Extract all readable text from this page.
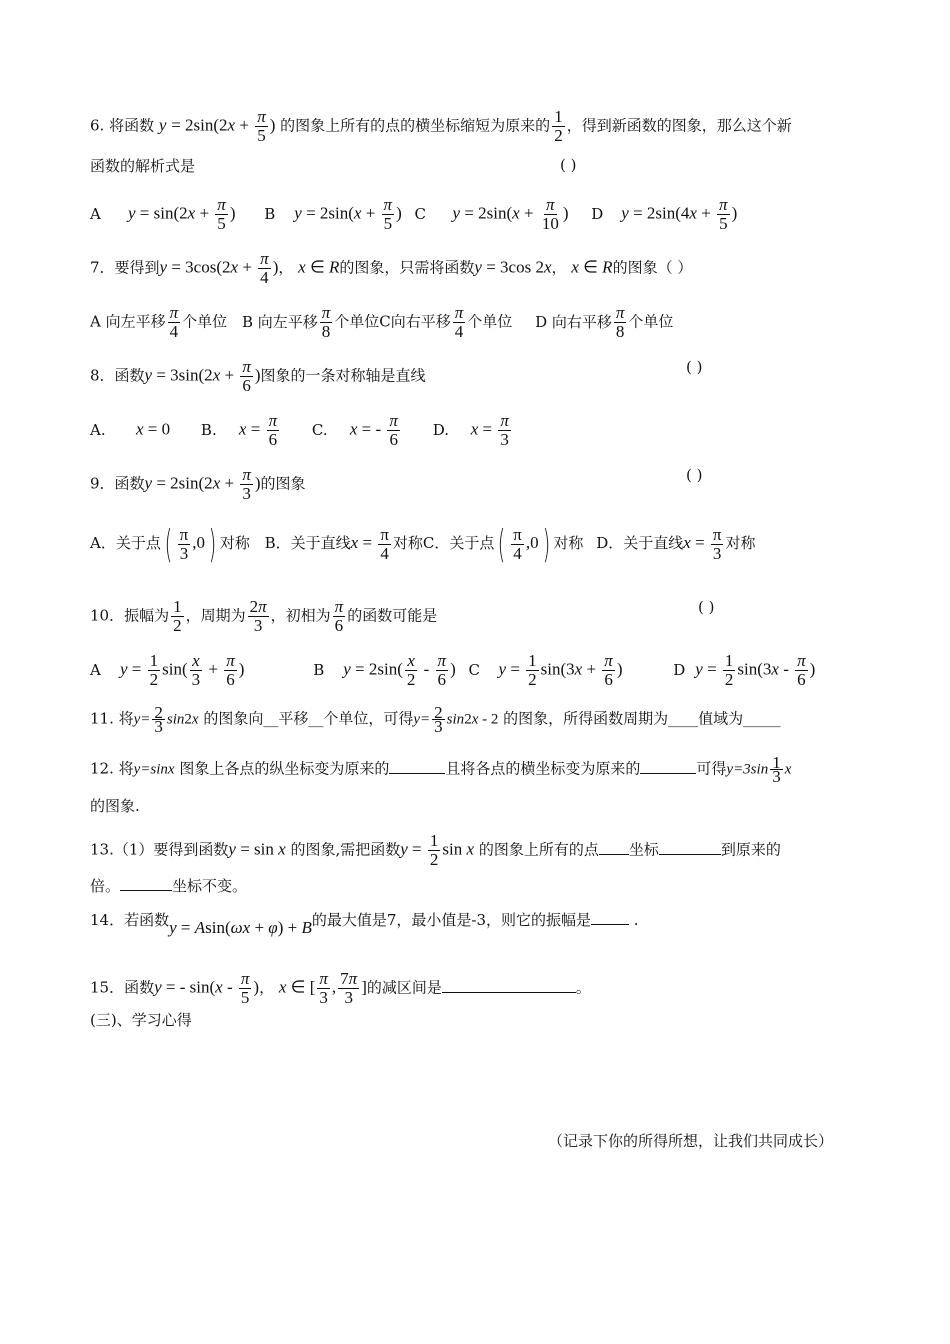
6. 将函数 $y = 2\sin(2x + \frac{\pi}{5}$ ) 的图象上所有的点的横坐标缩短为原来的 $\frac{1}{2}$ ，得到新函数的图象，那么这个新
函数的解析式是	( )
A $y = \sin(2x + \frac{\pi}{5}$ ) B $y = 2\sin(x + \frac{\pi}{5}$ ) C $y = 2\sin(x + \frac{\pi}{10}$ ) D $y = 2\sin(4x + \frac{\pi}{5}$ )
7．要得到$y = 3\cos(2x + \frac{\pi}{4}$ )， x ∈ R的图象，只需将函数y = 3cos 2x， x ∈ R的图象（ ）
A 向左平移 $\frac{\pi}{4}$ 个单位 B 向左平移 $\frac{\pi}{8}$ 个单位C向右平移 $\frac{\pi}{4}$ 个单位 D 向右平移 $\frac{\pi}{8}$ 个单位
8．函数$y = 3\sin(2x + \frac{\pi}{6}$ )图象的一条对称轴是直线	( )
A. x = 0 B. $x = \frac{\pi}{6} C$. x = - $\frac{\pi}{6} D$. $x = \frac{\pi}{3}$
9．函数$y = 2\sin(2x + \frac{\pi}{3}$ )的图象	( )
A．关于点( $\frac{\pi}{3} ,0$) 对称 B．关于直线$x = \frac{\pi}{4}$ 对称C．关于点( $\frac{\pi}{4} ,0$) 对称 D．关于直线$x = \frac{\pi}{3}$ 对称
10．振幅为 $\frac{1}{2}$ ，周期为 $\frac{2\pi}{3}$ ，初相为 $\frac{\pi}{6}$ 的函数可能是	( )
A $y = \frac{1}{2} \sin( \frac{x}{3} + \frac{\pi}{6}$ )	B $y = 2\sin( \frac{x}{2} - \frac{\pi}{6}$ ) C $y = \frac{1}{2} \sin(3x + \frac{\pi}{6}$ )	D $y = \frac{1}{2} \sin(3x - \frac{\pi}{6}$ )
11. 将$y= \frac{2}{3} \sin 2x$ 的图象向__平移__个单位，可得$y= \frac{2}{3} \sin 2x - 2$ 的图象，所得函数周期为____值域为_____
12. 将y=sinx 图象上各点的纵坐标变为原来的	且将各点的横坐标变为原来的	可得$y=3\sin \frac{1}{3}$ x
的图象.
13.（1）要得到函数y = sin x 的图象,需把函数$y = \frac{1}{2}$ sin x 的图象上所有的点 坐标	到原来的
倍。	坐标不变。
14．若函数y = Asin(ωx + φ) + B的最大值是7，最小值是-3，则它的振幅是	.
15．函数y = - $\sin(x - \frac{\pi}{5}$ )， x ∈ [ $\frac{\pi}{3}$ , $\frac{7\pi}{3}$ ]的减区间是	。
(三)、学习心得
（记录下你的所得所想，让我们共同成长）
